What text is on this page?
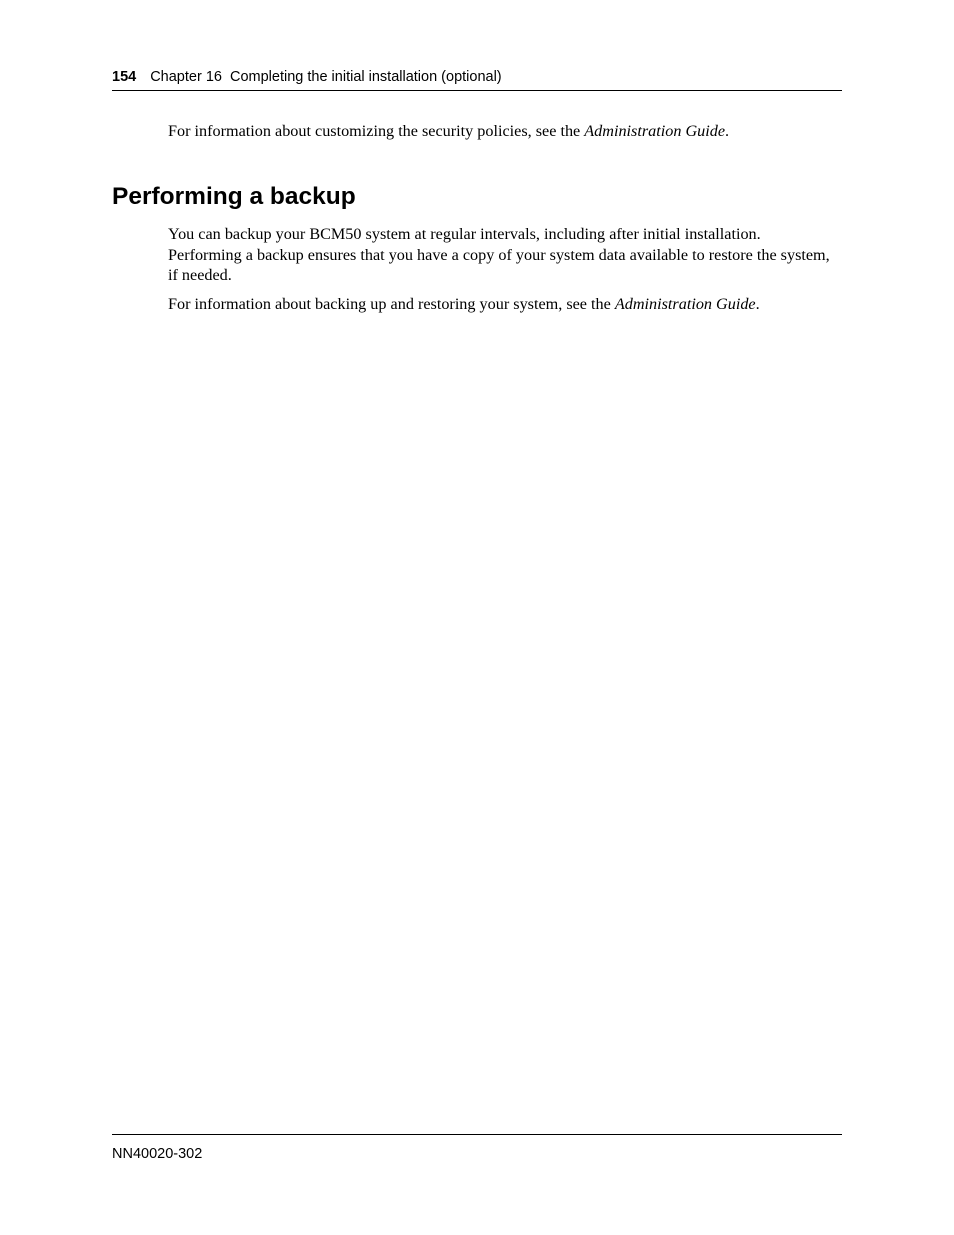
154 Chapter 16  Completing the initial installation (optional)

For information about customizing the security policies, see the Administration Guide.

Performing a backup

You can backup your BCM50 system at regular intervals, including after initial installation. Performing a backup ensures that you have a copy of your system data available to restore the system, if needed.

For information about backing up and restoring your system, see the Administration Guide.

NN40020-302
